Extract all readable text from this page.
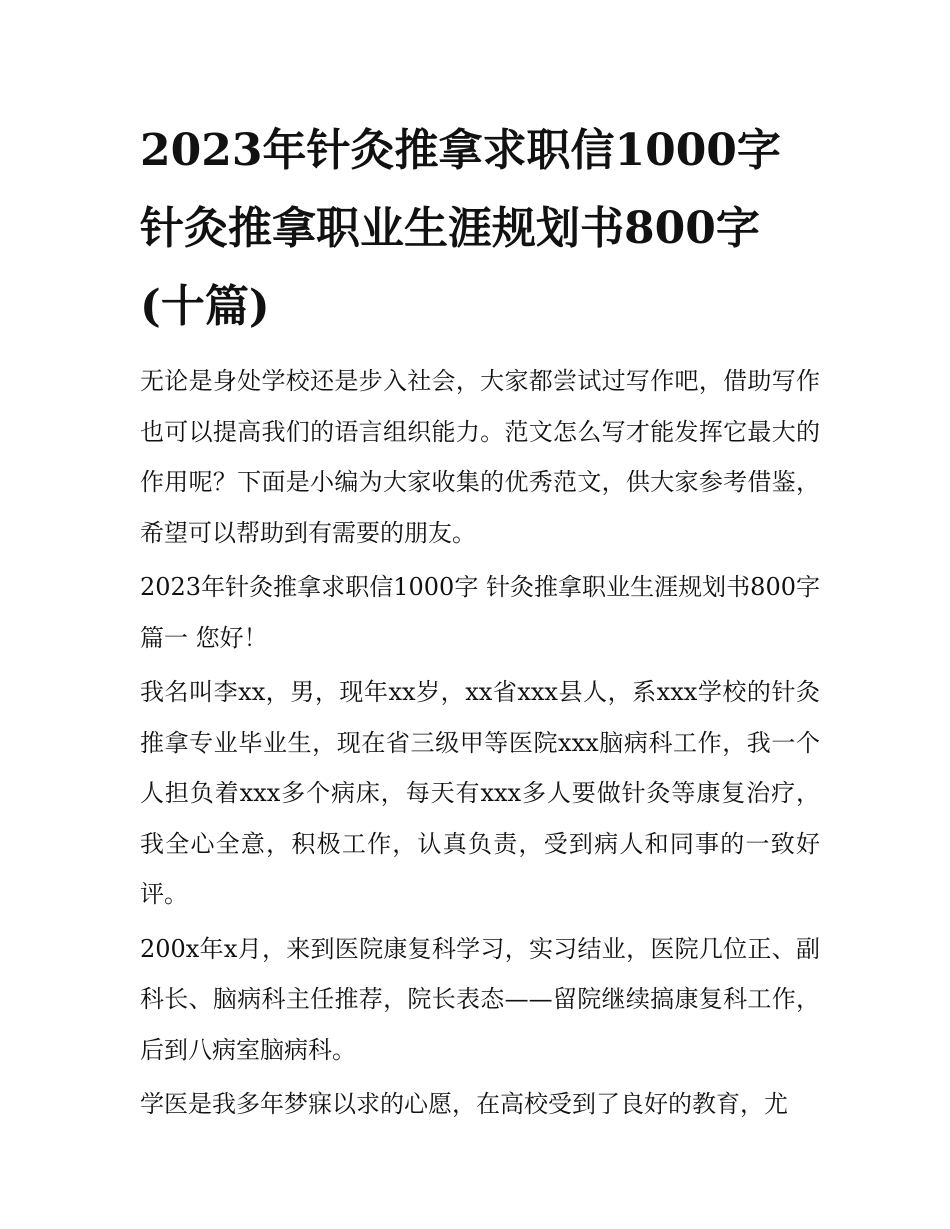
2023年针灸推拿求职信1000字 针灸推拿职业生涯规划书800字(十篇)

无论是身处学校还是步入社会，大家都尝试过写作吧，借助写作也可以提高我们的语言组织能力。范文怎么写才能发挥它最大的作用呢？下面是小编为大家收集的优秀范文，供大家参考借鉴，希望可以帮助到有需要的朋友。

2023年针灸推拿求职信1000字 针灸推拿职业生涯规划书800字篇一 您好！

我名叫李xx，男，现年xx岁，xx省xxx县人，系xxx学校的针灸推拿专业毕业生，现在省三级甲等医院xxx脑病科工作，我一个人担负着xxx多个病床，每天有xxx多人要做针灸等康复治疗，我全心全意，积极工作，认真负责，受到病人和同事的一致好评。

200x年x月，来到医院康复科学习，实习结业，医院几位正、副科长、脑病科主任推荐，院长表态——留院继续搞康复科工作，后到八病室脑病科。

学医是我多年梦寐以求的心愿，在高校受到了良好的教育，尤
